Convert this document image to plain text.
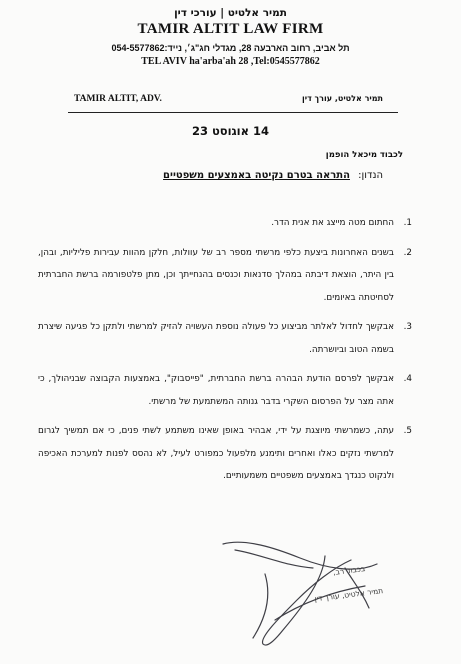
תמיר אלטיט | עורכי דין
TAMIR ALTIT LAW FIRM
תל אביב, רחוב הארבעה 28, מגדלי חג"ג׳, נייד:054-5577862
TEL AVIV ha'arba'ah 28 ,Tel:0545577862
TAMIR ALTIT, ADV.	תמיר אלטיט, עורך דין
14 אוגוסט 23
לכבוד מיכאל הופמן
הנדון: התראה בטרם נקיטה באמצעים משפטיים
1.
החתום מטה מייצג את אנית הדר.
2.
בשנים האחרונות ביצעת כלפי מרשתי מספר רב של עוולות, חלקן מהוות עבירות פליליות, ובהן, בין היתר, הוצאת דיבתה במהלך סדנאות וכנסים בהנחייתך וכן, מתן פלטפורמה ברשת החברתית לסחיטתה באיומים.
3.
אבקשך לחדול לאלתר מביצוע כל פעולה נוספת העשויה להזיק למרשתי ולתקן כל פגיעה שיצרת בשמה הטוב וביושרתה.
4.
אבקשך לפרסם הודעת הבהרה ברשת החברתית, "פייסבוק", באמצעות הקבוצה שבניהולך, כי אתה מצר על הפרסום השקרי בדבר גנותה המשתמעת של מרשתי.
5.
עתה, כשמרשתי מיוצגת על ידי, אבהיר באופן שאינו משתמע לשתי פנים, כי אם תמשיך לגרום למרשתי נזקים כאלו ואחרים ותימנע מלפעול כמפורט לעיל, לא נהסס לפנות למערכת האכיפה ולנקוט כנגדך באמצעים משפטיים משמעותיים.
בכבוד רב,
תמיר אלטיט, עורך דין
